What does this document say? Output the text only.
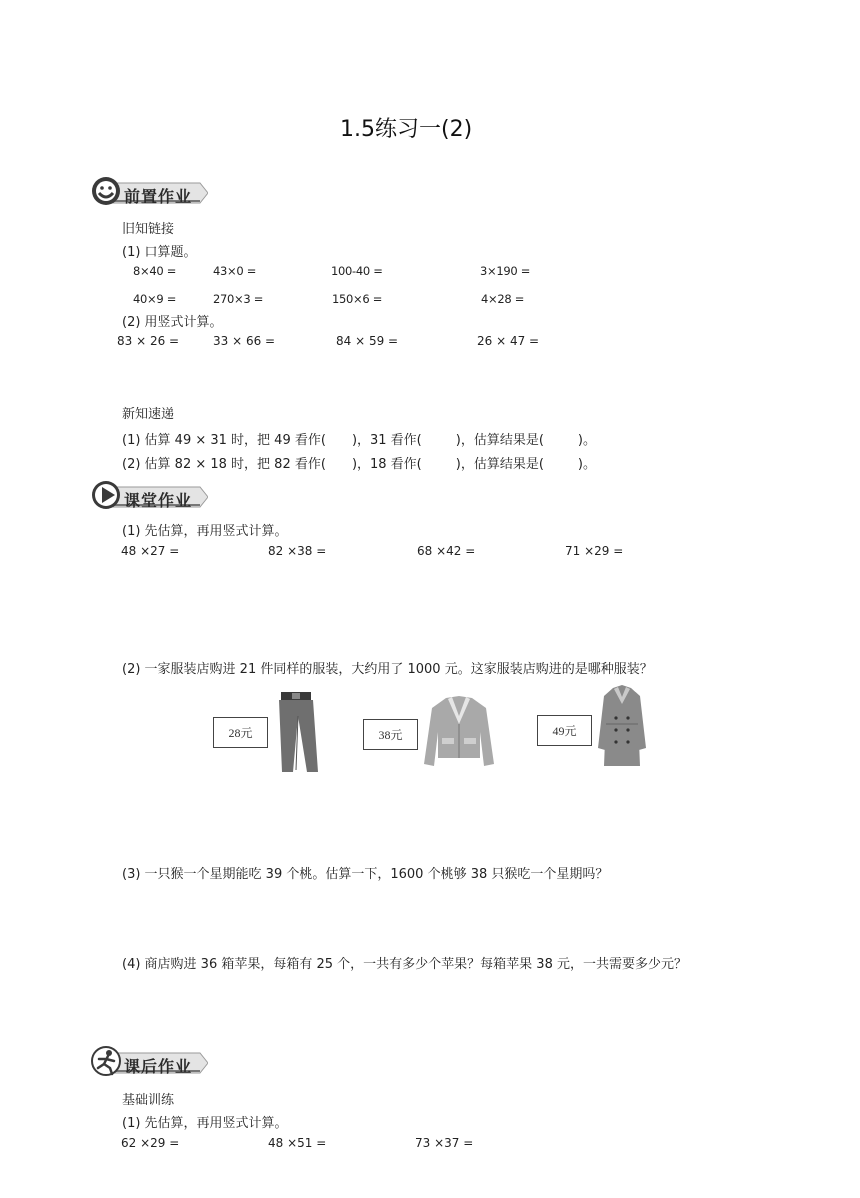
1.5练习一(2)
前置作业
旧知链接
(1) 口算题。
8×40 =	43×0 =	100-40 =	3×190 =
40×9 =	270×3 =	150×6 =	4×28 =
(2) 用竖式计算。
83 × 26 =	33 × 66 =	84 × 59 =	26 × 47 =
新知速递
(1) 估算 49 × 31 时，把 49 看作( )，31 看作(	)，估算结果是(	)。
(2) 估算 82 × 18 时，把 82 看作( )，18 看作(	)，估算结果是(	)。
课堂作业
(1) 先估算，再用竖式计算。
48 ×27 =	82 ×38 =	68 ×42 =	71 ×29 =
(2) 一家服装店购进 21 件同样的服装，大约用了 1000 元。这家服装店购进的是哪种服装？
28元	38元	49元
(3) 一只猴一个星期能吃 39 个桃。估算一下，1600 个桃够 38 只猴吃一个星期吗？
(4) 商店购进 36 箱苹果，每箱有 25 个，一共有多少个苹果？每箱苹果 38 元，一共需要多少元？
课后作业
基础训练
(1) 先估算，再用竖式计算。
62 ×29 =	48 ×51 =	73 ×37 =
